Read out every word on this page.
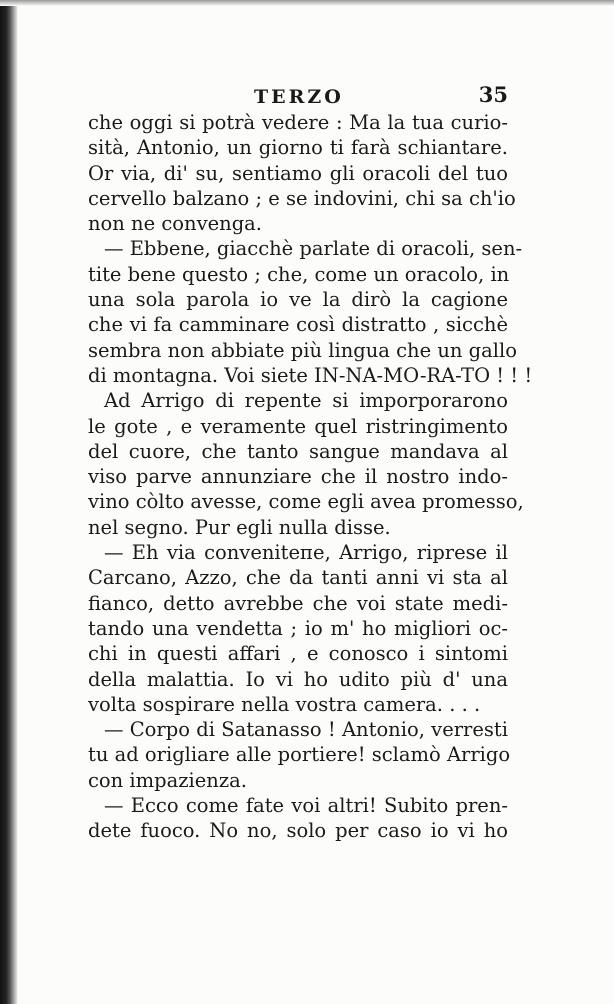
TERZO	35
che oggi si potrà vedere : Ma la tua curio-
sità, Antonio, un giorno ti farà schiantare.
Or via, di' su, sentiamo gli oracoli del tuo
cervello balzano ; e se indovini, chi sa ch'io
non ne convenga.
— Ebbene, giacchè parlate di oracoli, sen-
tite bene questo ; che, come un oracolo, in
una sola parola io ve la dirò la cagione
che vi fa camminare così distratto , sicchè
sembra non abbiate più lingua che un gallo
di montagna. Voi siete IN-NA-MO-RA-TO ! ! !
Ad Arrigo di repente si imporporarono
le gote , e veramente quel ristringimento
del cuore, che tanto sangue mandava al
viso parve annunziare che il nostro indo-
vino còlto avesse, come egli avea promesso,
nel segno. Pur egli nulla disse.
— Eh via conveniteпе, Arrigo, riprese il
Carcano, Azzo, che da tanti anni vi sta al
fianco, detto avrebbe che voi state medi-
tando una vendetta ; io m' ho migliori oc-
chi in questi affari , e conosco i sintomi
della malattia. Io vi ho udito più d' una
volta sospirare nella vostra camera. . . .
— Corpo di Satanasso ! Antonio, verresti
tu ad origliare alle portiere! sclamò Arrigo
con impazienza.
— Ecco come fate voi altri! Subito pren-
dete fuoco. No no, solo per caso io vi ho
